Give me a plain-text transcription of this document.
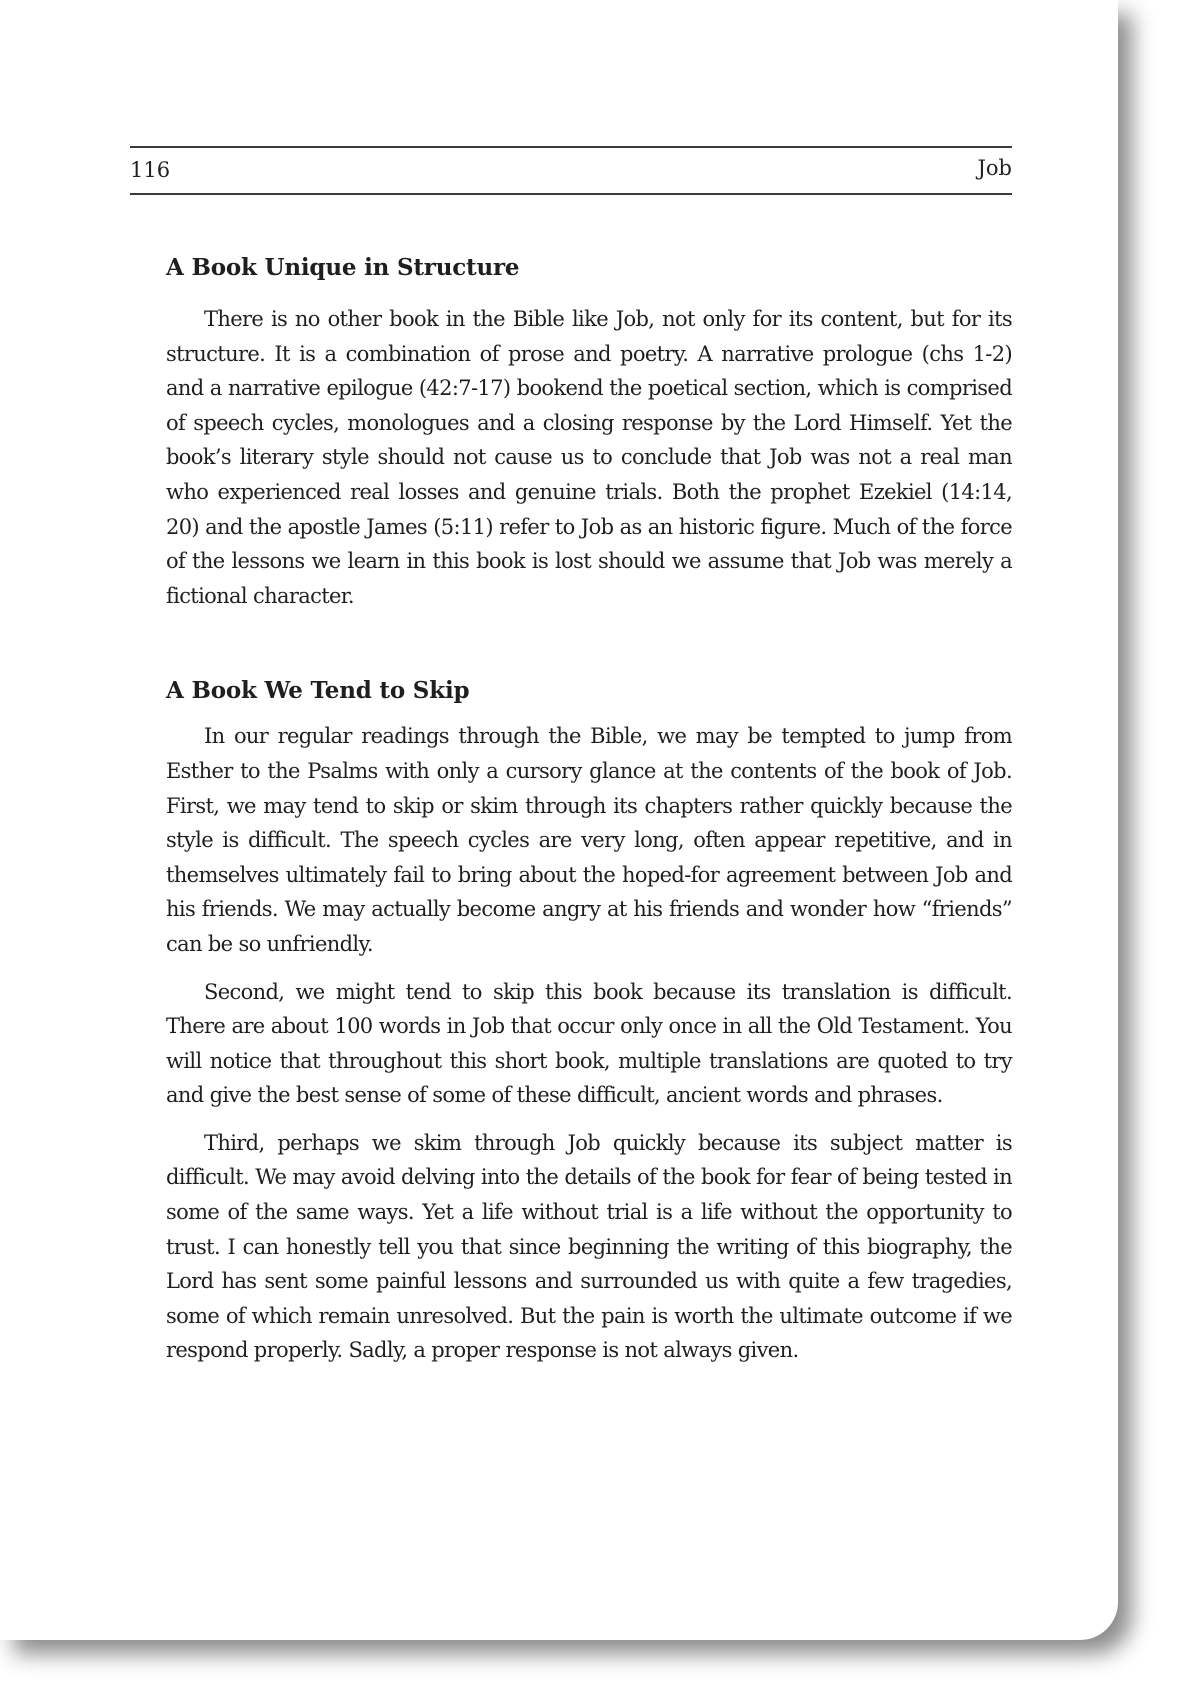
116	Job
A Book Unique in Structure

There is no other book in the Bible like Job, not only for its content, but for its structure. It is a combination of prose and poetry. A narrative prologue (chs 1-2) and a narrative epilogue (42:7-17) bookend the poetical section, which is comprised of speech cycles, monologues and a closing response by the Lord Himself. Yet the book’s literary style should not cause us to conclude that Job was not a real man who experienced real losses and genuine trials. Both the prophet Ezekiel (14:14, 20) and the apostle James (5:11) refer to Job as an historic figure. Much of the force of the lessons we learn in this book is lost should we assume that Job was merely a fictional character.

A Book We Tend to Skip

In our regular readings through the Bible, we may be tempted to jump from Esther to the Psalms with only a cursory glance at the contents of the book of Job. First, we may tend to skip or skim through its chapters rather quickly because the style is difficult. The speech cycles are very long, often appear repetitive, and in themselves ultimately fail to bring about the hoped-for agreement between Job and his friends. We may actually become angry at his friends and wonder how “friends” can be so unfriendly.

Second, we might tend to skip this book because its translation is difficult. There are about 100 words in Job that occur only once in all the Old Testament. You will notice that throughout this short book, multiple translations are quoted to try and give the best sense of some of these difficult, ancient words and phrases.

Third, perhaps we skim through Job quickly because its subject matter is difficult. We may avoid delving into the details of the book for fear of being tested in some of the same ways. Yet a life without trial is a life without the opportunity to trust. I can honestly tell you that since beginning the writing of this biography, the Lord has sent some painful lessons and surrounded us with quite a few tragedies, some of which remain unresolved. But the pain is worth the ultimate outcome if we respond properly. Sadly, a proper response is not always given.
